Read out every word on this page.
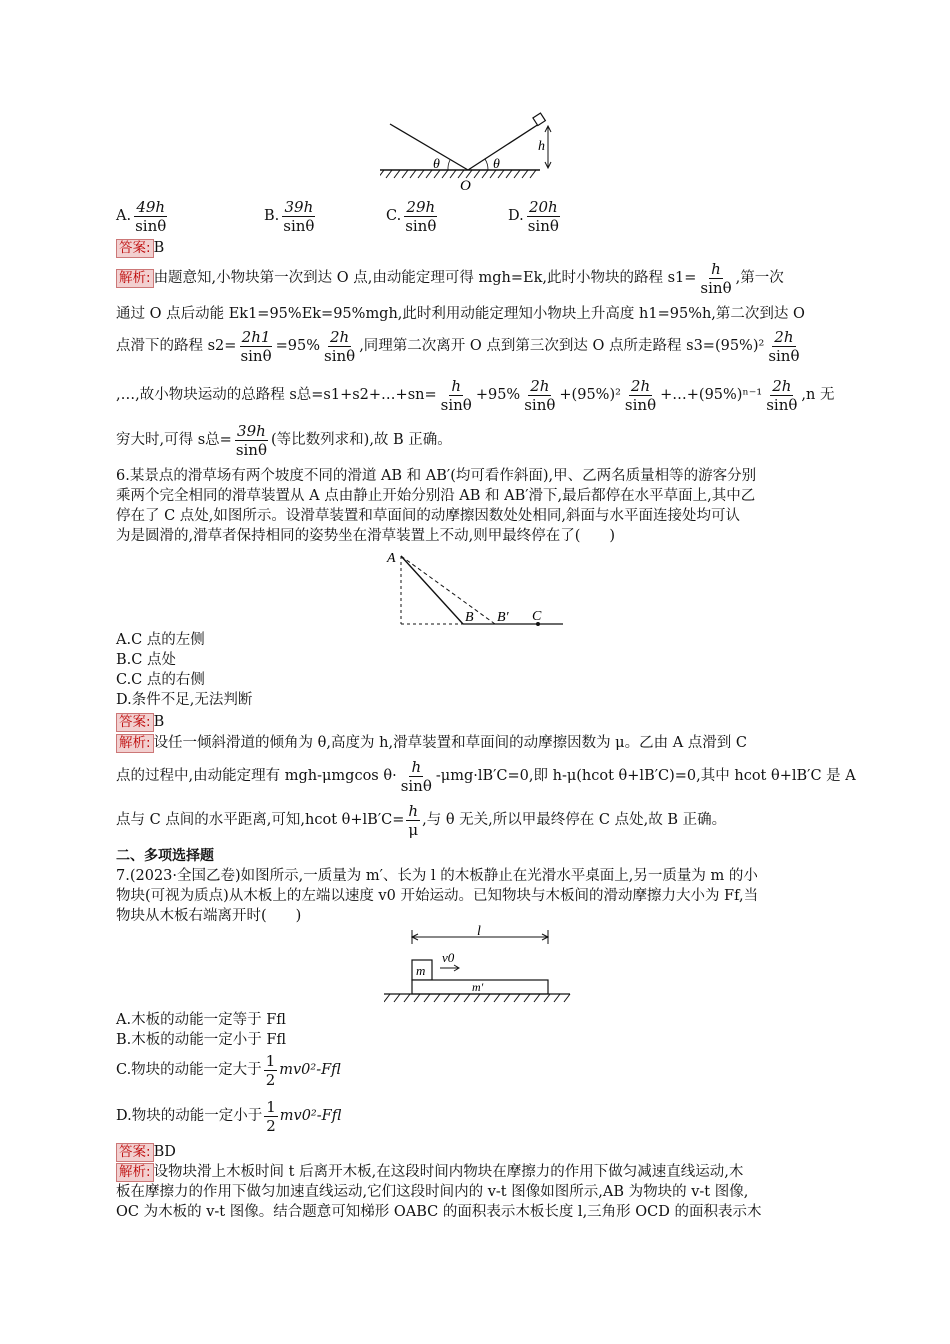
θ	θ
O
h
A. $\frac{49h}{\sin\theta}$	B. $\frac{39h}{\sin\theta}$	C. $\frac{29h}{\sin\theta}$	D. $\frac{20h}{\sin\theta}$
答案: B
解析: 由题意知,小物块第一次到达 O 点,由动能定理可得 mgh=Ek,此时小物块的路程 $s1= \frac{h}{\sin\theta}$ ,第一次
通过 O 点后动能 Ek1=95%Ek=95%mgh,此时利用动能定理知小物块上升高度 h1=95%h,第二次到达 O
点滑下的路程 $s2= \frac{2h1}{\sin\theta} =95\% \frac{2h}{\sin\theta}$ ,同理第二次离开 O 点到第三次到达 O 点所走路程 $s3=(95\%)^2 \frac{2h}{\sin\theta}$
,…,故小物块运动的总路程 s总=s1+s2+…+sn= $\frac{h}{\sin\theta} +95\% \frac{2h}{\sin\theta} +(95\%)^2 \frac{2h}{\sin\theta}$ +…+(95%)ⁿ⁻¹ $\frac{2h}{\sin\theta} ,n$ 无
穷大时,可得 s总= $\frac{39h}{\sin\theta}$ (等比数列求和),故 B 正确。
6.某景点的滑草场有两个坡度不同的滑道 AB 和 AB′(均可看作斜面),甲、乙两名质量相等的游客分别
乘两个完全相同的滑草装置从 A 点由静止开始分别沿 AB 和 AB′滑下,最后都停在水平草面上,其中乙
停在了 C 点处,如图所示。设滑草装置和草面间的动摩擦因数处处相同,斜面与水平面连接处均可认
为是圆滑的,滑草者保持相同的姿势坐在滑草装置上不动,则甲最终停在了(　　)
A
B B′ C
A.C 点的左侧
B.C 点处
C.C 点的右侧
D.条件不足,无法判断
答案: B
解析: 设任一倾斜滑道的倾角为 θ,高度为 h,滑草装置和草面间的动摩擦因数为 μ。乙由 A 点滑到 C
点的过程中,由动能定理有 mgh-μmgcos $\theta\cdot \frac{h}{\sin\theta} -\mu mg\cdot lB'C=0$,即 h-μ(hcot θ+lB′C)=0,其中 hcot θ+lB′C 是 A
点与 C 点间的水平距离,可知,hcot $\theta+lB'C= \frac{h}{\mu}$ ,与 θ 无关,所以甲最终停在 C 点处,故 B 正确。
二、多项选择题
7.(2023·全国乙卷)如图所示,一质量为 m′、长为 l 的木板静止在光滑水平桌面上,另一质量为 m 的小
物块(可视为质点)从木板上的左端以速度 v0 开始运动。已知物块与木板间的滑动摩擦力大小为 Ff,当
物块从木板右端离开时(　　)
l
v0
m
m′
A.木板的动能一定等于 Ffl
B.木板的动能一定小于 Ffl
C.物块的动能一定大于 $\frac{1}{2} mv0^2-Ffl$
D.物块的动能一定小于 $\frac{1}{2} mv0^2-Ffl$
答案: BD
解析: 设物块滑上木板时间 t 后离开木板,在这段时间内物块在摩擦力的作用下做匀减速直线运动,木
板在摩擦力的作用下做匀加速直线运动,它们这段时间内的 v-t 图像如图所示,AB 为物块的 v-t 图像,
OC 为木板的 v-t 图像。结合题意可知梯形 OABC 的面积表示木板长度 l,三角形 OCD 的面积表示木
